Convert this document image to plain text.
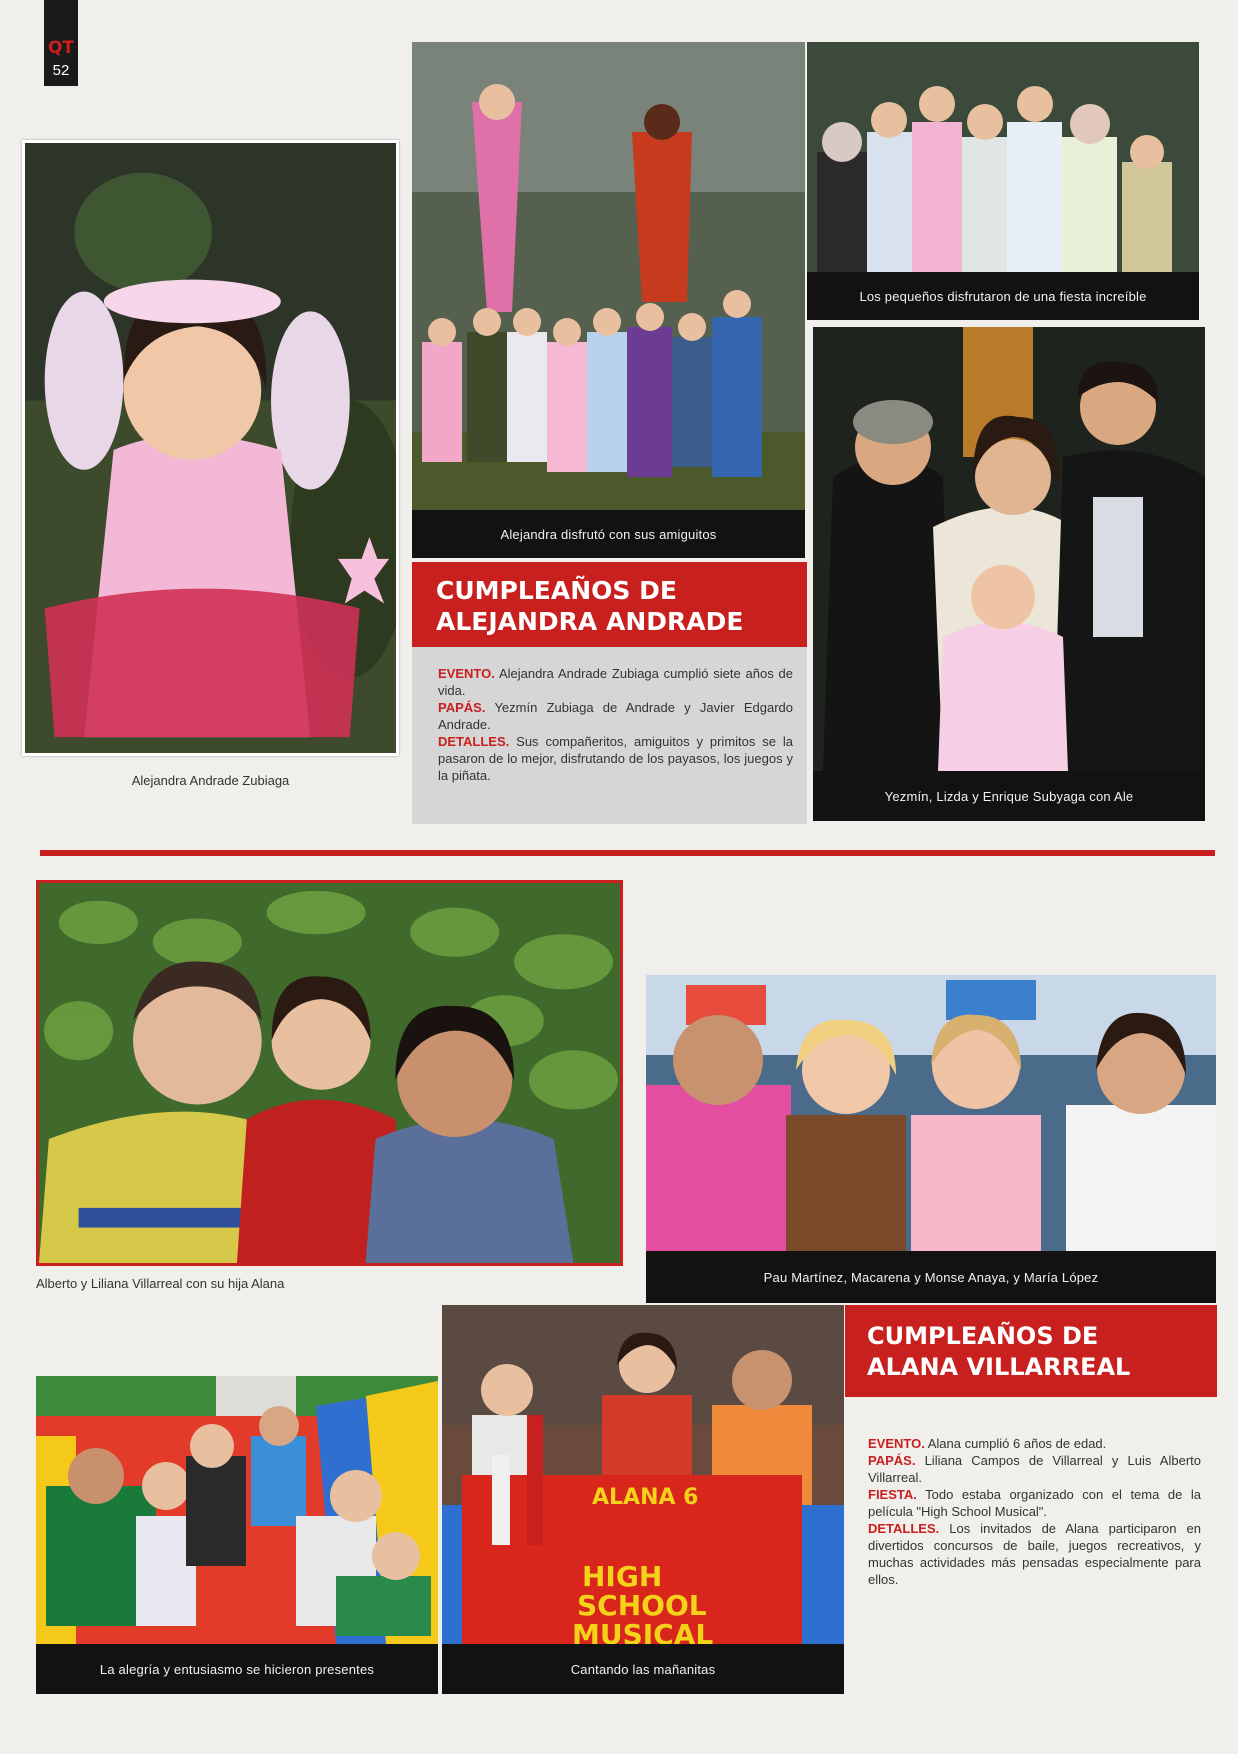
QT
52
Alejandra Andrade Zubiaga
Alejandra disfrutó con sus amiguitos
Los pequeños disfrutaron de una fiesta increíble
CUMPLEAÑOS DE
ALEJANDRA ANDRADE

EVENTO. Alejandra Andrade Zubiaga cumplió siete años de vida.

PAPÁS. Yezmín Zubiaga de Andrade y Javier Edgardo Andrade.

DETALLES. Sus compañeritos, amiguitos y primitos se la pasaron de lo mejor, disfrutando de los payasos, los juegos y la piñata.

Yezmín, Lizda y Enrique Subyaga con Ale
Alberto y Liliana Villarreal con su hija Alana	Pau Martínez, Macarena y Monse Anaya, y María López
CUMPLEAÑOS DE
ALANA VILLARREAL

EVENTO. Alana cumplió 6 años de edad.

PAPÁS. Liliana Campos de Villarreal y Luis Alberto Villarreal.

FIESTA. Todo estaba organizado con el tema de la película "High School Musical".

DETALLES. Los invitados de Alana participaron en divertidos concursos de baile, juegos recreativos, y muchas actividades más pensadas especialmente para ellos.

La alegría y entusiasmo se hicieron presentes
ALANA 6
HIGH
SCHOOL
MUSICAL
Cantando las mañanitas
